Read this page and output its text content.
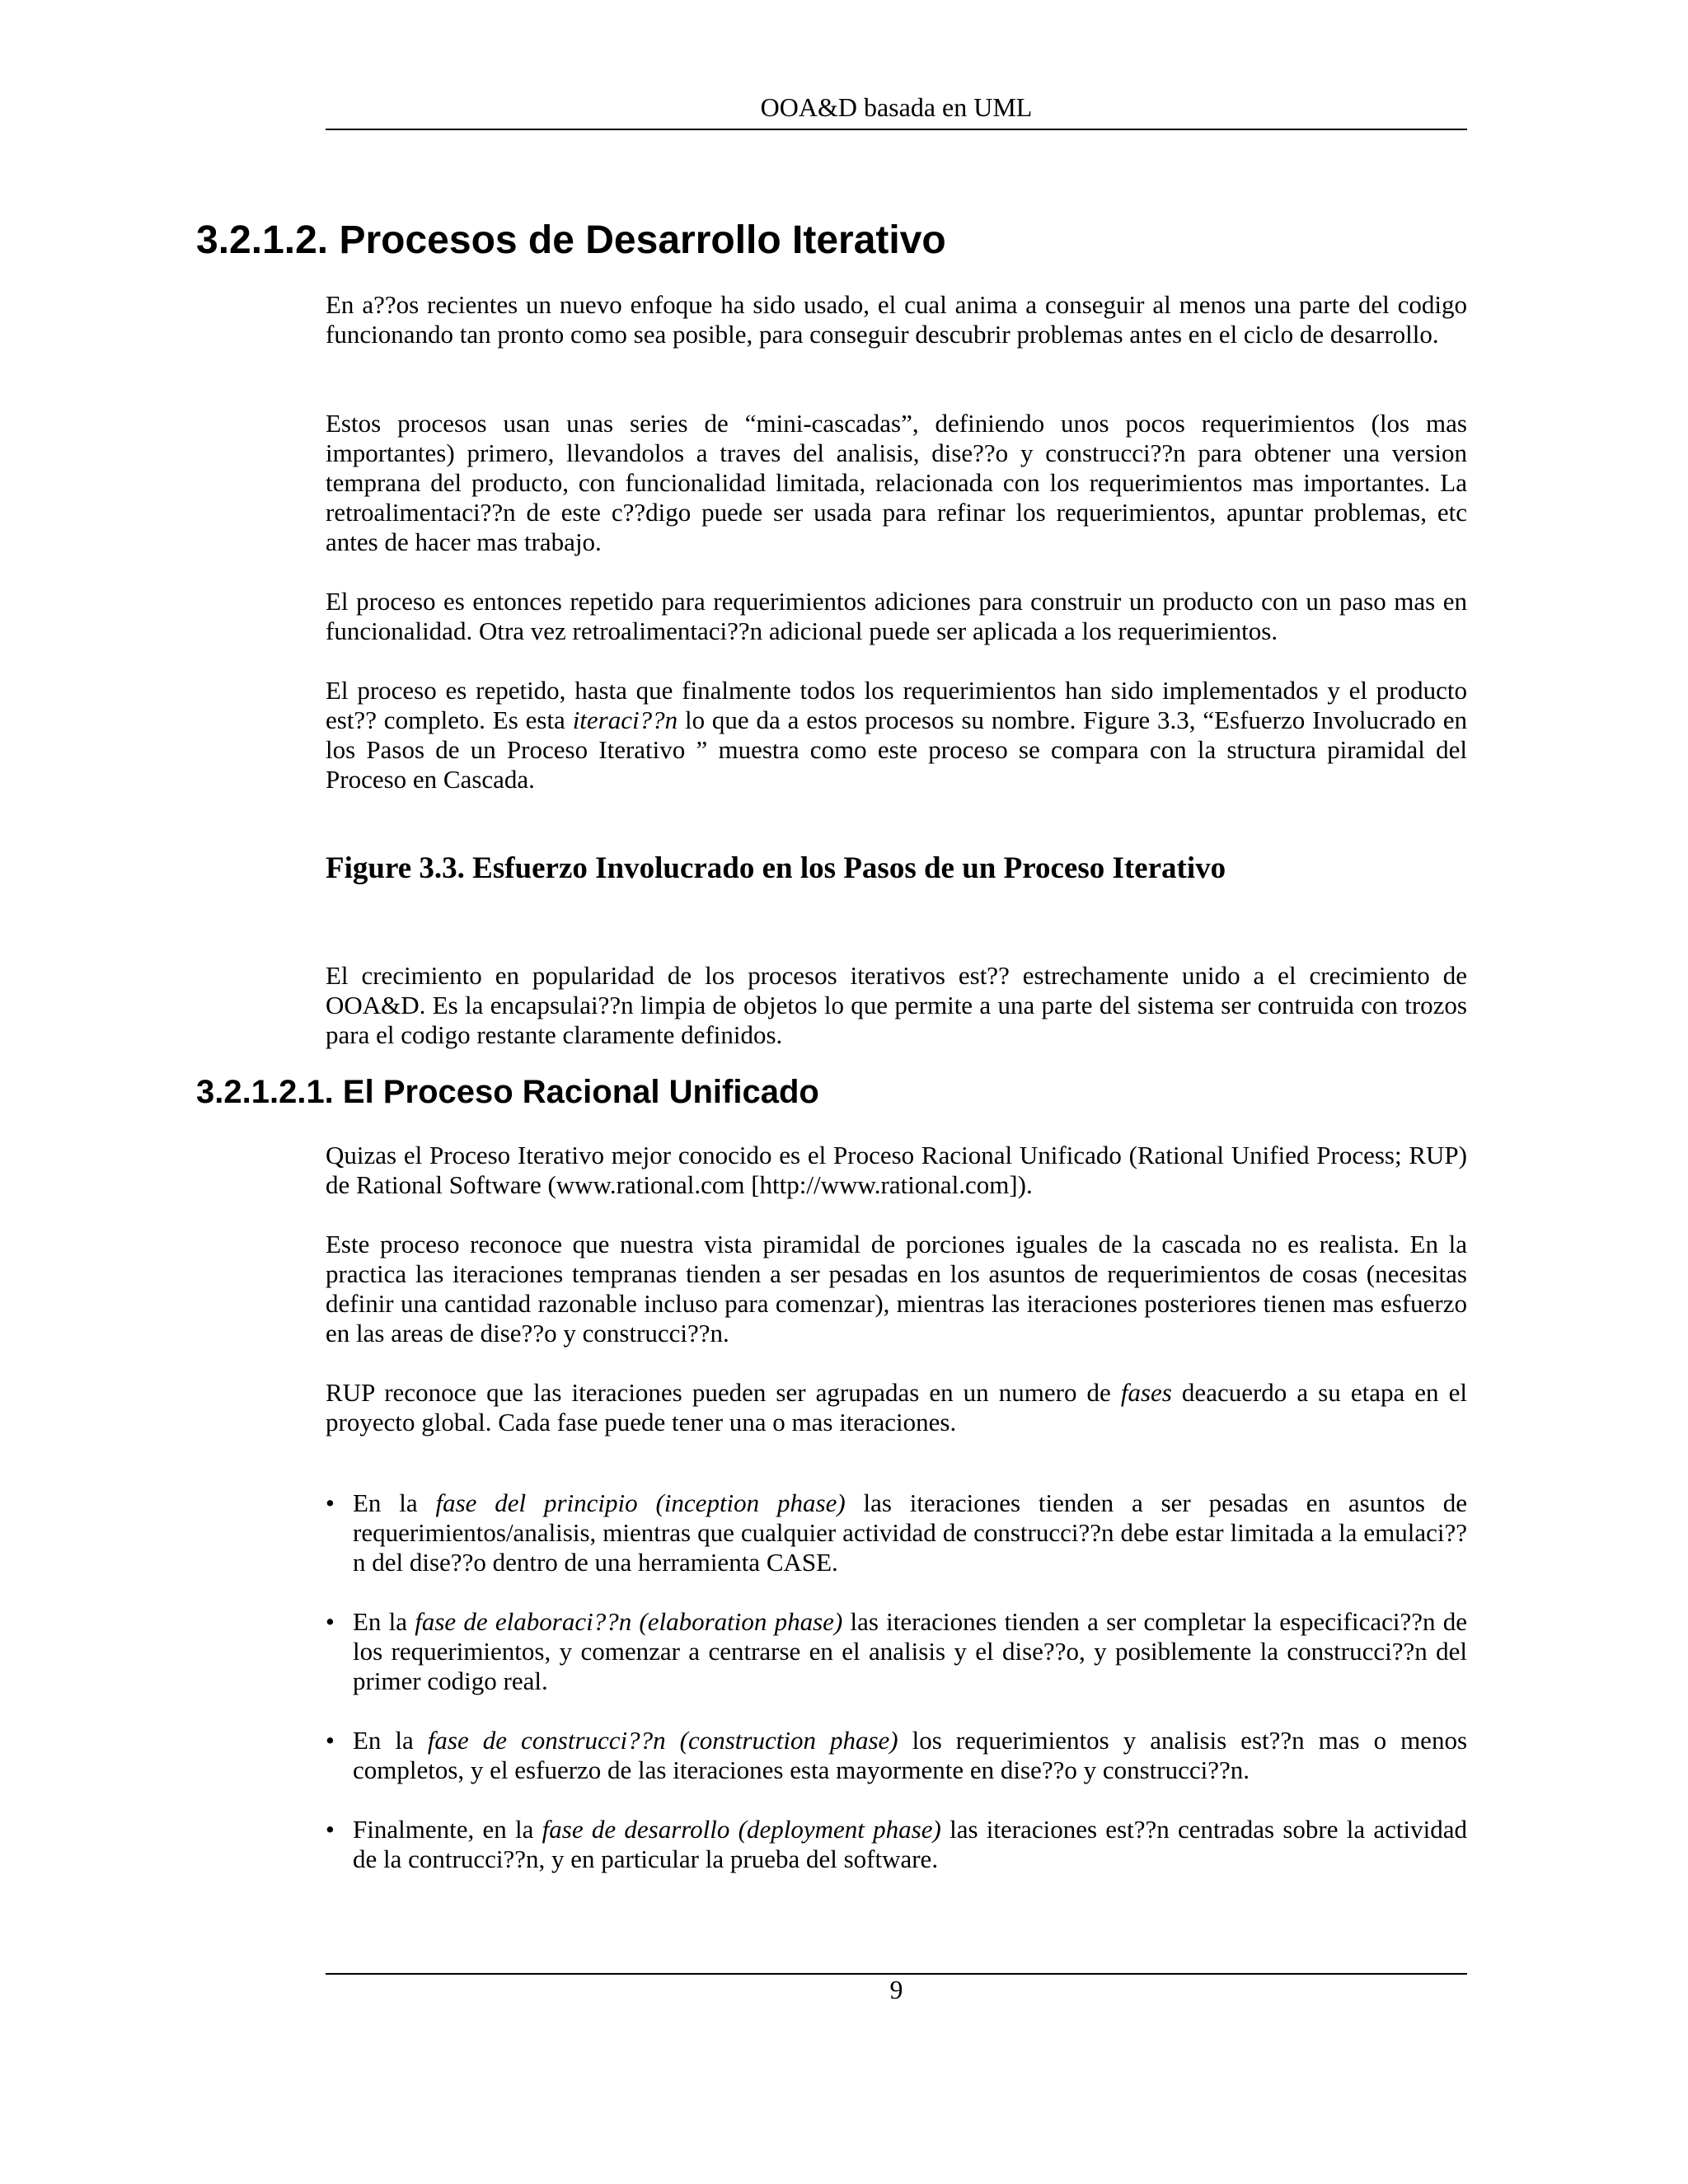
OOA&D basada en UML
3.2.1.2. Procesos de Desarrollo Iterativo

En a??os recientes un nuevo enfoque ha sido usado, el cual anima a conseguir al menos una parte del codigo funcionando tan pronto como sea posible, para conseguir descubrir problemas antes en el ciclo de desarrollo.

Estos procesos usan unas series de “mini-cascadas”, definiendo unos pocos requerimientos (los mas importantes) primero, llevandolos a traves del analisis, dise??o y construcci??n para obtener una version temprana del producto, con funcionalidad limitada, relacionada con los requerimientos mas importantes. La retroalimentaci??n de este c??digo puede ser usada para refinar los requerimientos, apuntar problemas, etc antes de hacer mas trabajo.

El proceso es entonces repetido para requerimientos adiciones para construir un producto con un paso mas en funcionalidad. Otra vez retroalimentaci??n adicional puede ser aplicada a los requerimientos.

El proceso es repetido, hasta que finalmente todos los requerimientos han sido implementados y el producto est?? completo. Es esta iteraci??n lo que da a estos procesos su nombre. Figure 3.3, “Esfuerzo Involucrado en los Pasos de un Proceso Iterativo ” muestra como este proceso se compara con la structura piramidal del Proceso en Cascada.

Figure 3.3. Esfuerzo Involucrado en los Pasos de un Proceso Iterativo

El crecimiento en popularidad de los procesos iterativos est?? estrechamente unido a el crecimiento de OOA&D. Es la encapsulai??n limpia de objetos lo que permite a una parte del sistema ser contruida con trozos para el codigo restante claramente definidos.

3.2.1.2.1. El Proceso Racional Unificado

Quizas el Proceso Iterativo mejor conocido es el Proceso Racional Unificado (Rational Unified Process; RUP) de Rational Software (www.rational.com [http://www.rational.com]).

Este proceso reconoce que nuestra vista piramidal de porciones iguales de la cascada no es realista. En la practica las iteraciones tempranas tienden a ser pesadas en los asuntos de requerimientos de cosas (necesitas definir una cantidad razonable incluso para comenzar), mientras las iteraciones posteriores tienen mas esfuerzo en las areas de dise??o y construcci??n.

RUP reconoce que las iteraciones pueden ser agrupadas en un numero de fases deacuerdo a su etapa en el proyecto global. Cada fase puede tener una o mas iteraciones.

• En la fase del principio (inception phase) las iteraciones tienden a ser pesadas en asuntos de requerimientos/analisis, mientras que cualquier actividad de construcci??n debe estar limitada a la emulaci??n del dise??o dentro de una herramienta CASE.

• En la fase de elaboraci??n (elaboration phase) las iteraciones tienden a ser completar la especificaci??n de los requerimientos, y comenzar a centrarse en el analisis y el dise??o, y posiblemente la construcci??n del primer codigo real.

• En la fase de construcci??n (construction phase) los requerimientos y analisis est??n mas o menos completos, y el esfuerzo de las iteraciones esta mayormente en dise??o y construcci??n.

• Finalmente, en la fase de desarrollo (deployment phase) las iteraciones est??n centradas sobre la actividad de la contrucci??n, y en particular la prueba del software.

9
